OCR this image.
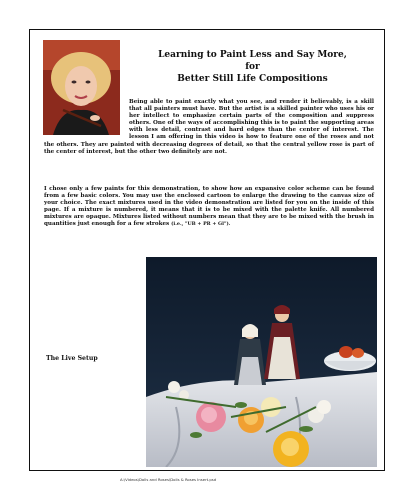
Learning to Paint Less and Say More,
for
Better Still Life Compositions

Being able to paint exactly what you see, and render it believably, is a skill that all painters must have. But the artist is a skilled painter who uses his or her intellect to emphasize certain parts of the composition and suppress others. One of the ways of accomplishing this is to paint the supporting areas with less detail, contrast and hard edges than the center of interest. The lesson I am offering in this video is how to feature one of the roses and not the others. They are painted with decreasing degrees of detail, so that the central yellow rose is part of the center of interest, but the other two definitely are not.

I chose only a few paints for this demonstration, to show how an expansive color scheme can be found from a few basic colors. You may use the enclosed cartoon to enlarge the drawing to the canvas size of your choice. The exact mixtures used in the video demonstration are listed for you on the inside of this page. If a mixture is numbered, it means that it is to be mixed with the palette knife. All numbered mixtures are opaque. Mixtures listed without numbers mean that they are to be mixed with the brush in quantities just enough for a few strokes (i.e., "UB + PR + Gl").

The Live Setup
A:\Videos\Dolls and Roses\Dolls & Roses Insert.psd
